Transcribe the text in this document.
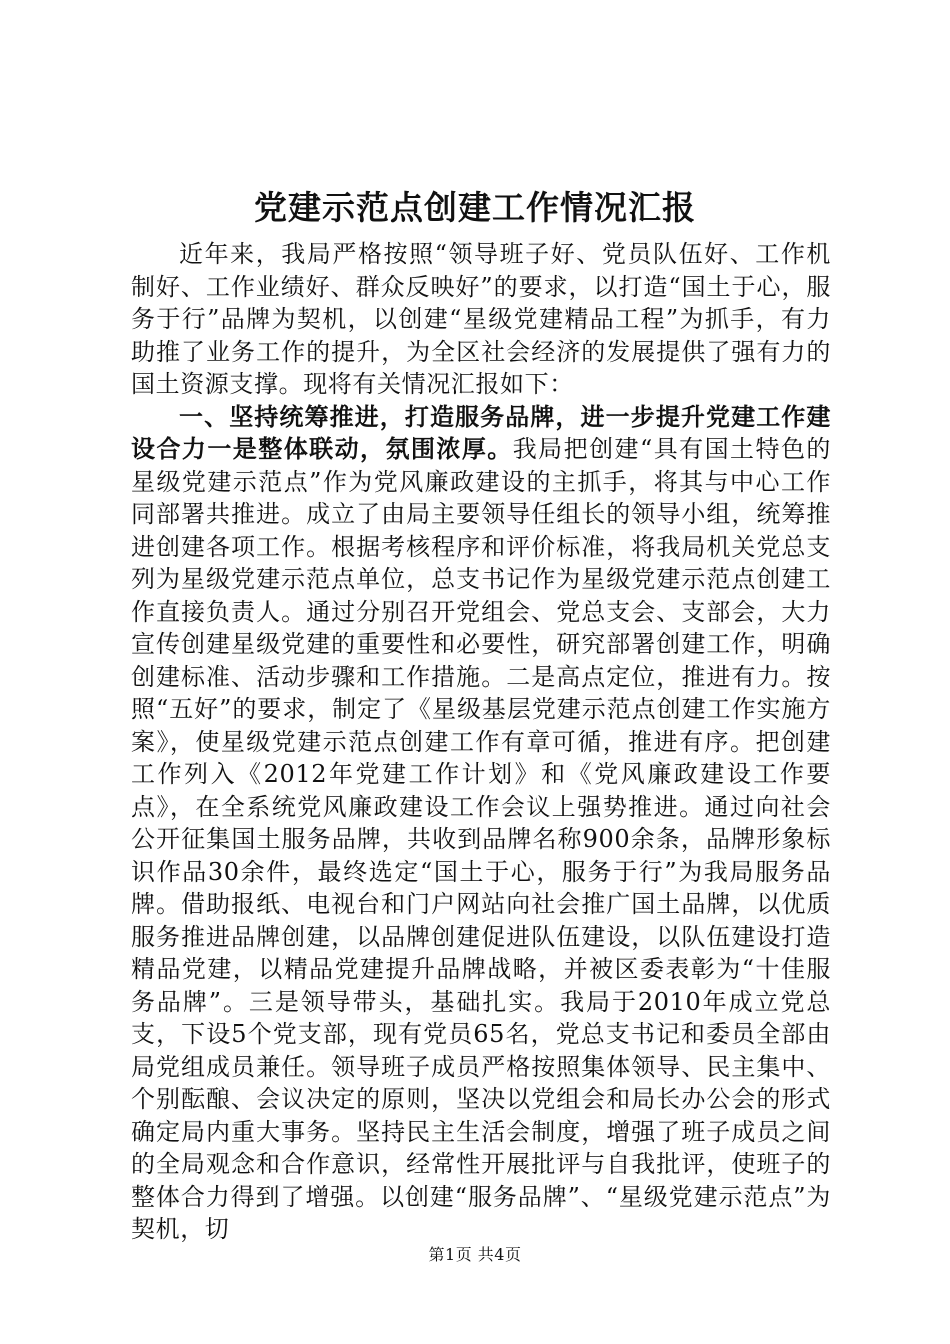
党建示范点创建工作情况汇报

近年来，我局严格按照“领导班子好、党员队伍好、工作机制好、工作业绩好、群众反映好”的要求，以打造“国土于心，服务于行”品牌为契机，以创建“星级党建精品工程”为抓手，有力助推了业务工作的提升，为全区社会经济的发展提供了强有力的国土资源支撑。现将有关情况汇报如下：

一、坚持统筹推进，打造服务品牌，进一步提升党建工作建设合力一是整体联动，氛围浓厚。我局把创建“具有国土特色的星级党建示范点”作为党风廉政建设的主抓手，将其与中心工作同部署共推进。成立了由局主要领导任组长的领导小组，统筹推进创建各项工作。根据考核程序和评价标准，将我局机关党总支列为星级党建示范点单位，总支书记作为星级党建示范点创建工作直接负责人。通过分别召开党组会、党总支会、支部会，大力宣传创建星级党建的重要性和必要性，研究部署创建工作，明确创建标准、活动步骤和工作措施。二是高点定位，推进有力。按照“五好”的要求，制定了《星级基层党建示范点创建工作实施方案》，使星级党建示范点创建工作有章可循，推进有序。把创建工作列入《2012年党建工作计划》和《党风廉政建设工作要点》，在全系统党风廉政建设工作会议上强势推进。通过向社会公开征集国土服务品牌，共收到品牌名称900余条，品牌形象标识作品30余件，最终选定“国土于心，服务于行”为我局服务品牌。借助报纸、电视台和门户网站向社会推广国土品牌，以优质服务推进品牌创建，以品牌创建促进队伍建设，以队伍建设打造精品党建，以精品党建提升品牌战略，并被区委表彰为“十佳服务品牌”。三是领导带头，基础扎实。我局于2010年成立党总支，下设5个党支部，现有党员65名，党总支书记和委员全部由局党组成员兼任。领导班子成员严格按照集体领导、民主集中、个别酝酿、会议决定的原则，坚决以党组会和局长办公会的形式确定局内重大事务。坚持民主生活会制度，增强了班子成员之间的全局观念和合作意识，经常性开展批评与自我批评，使班子的整体合力得到了增强。以创建“服务品牌”、“星级党建示范点”为契机，切

第1页 共4页
